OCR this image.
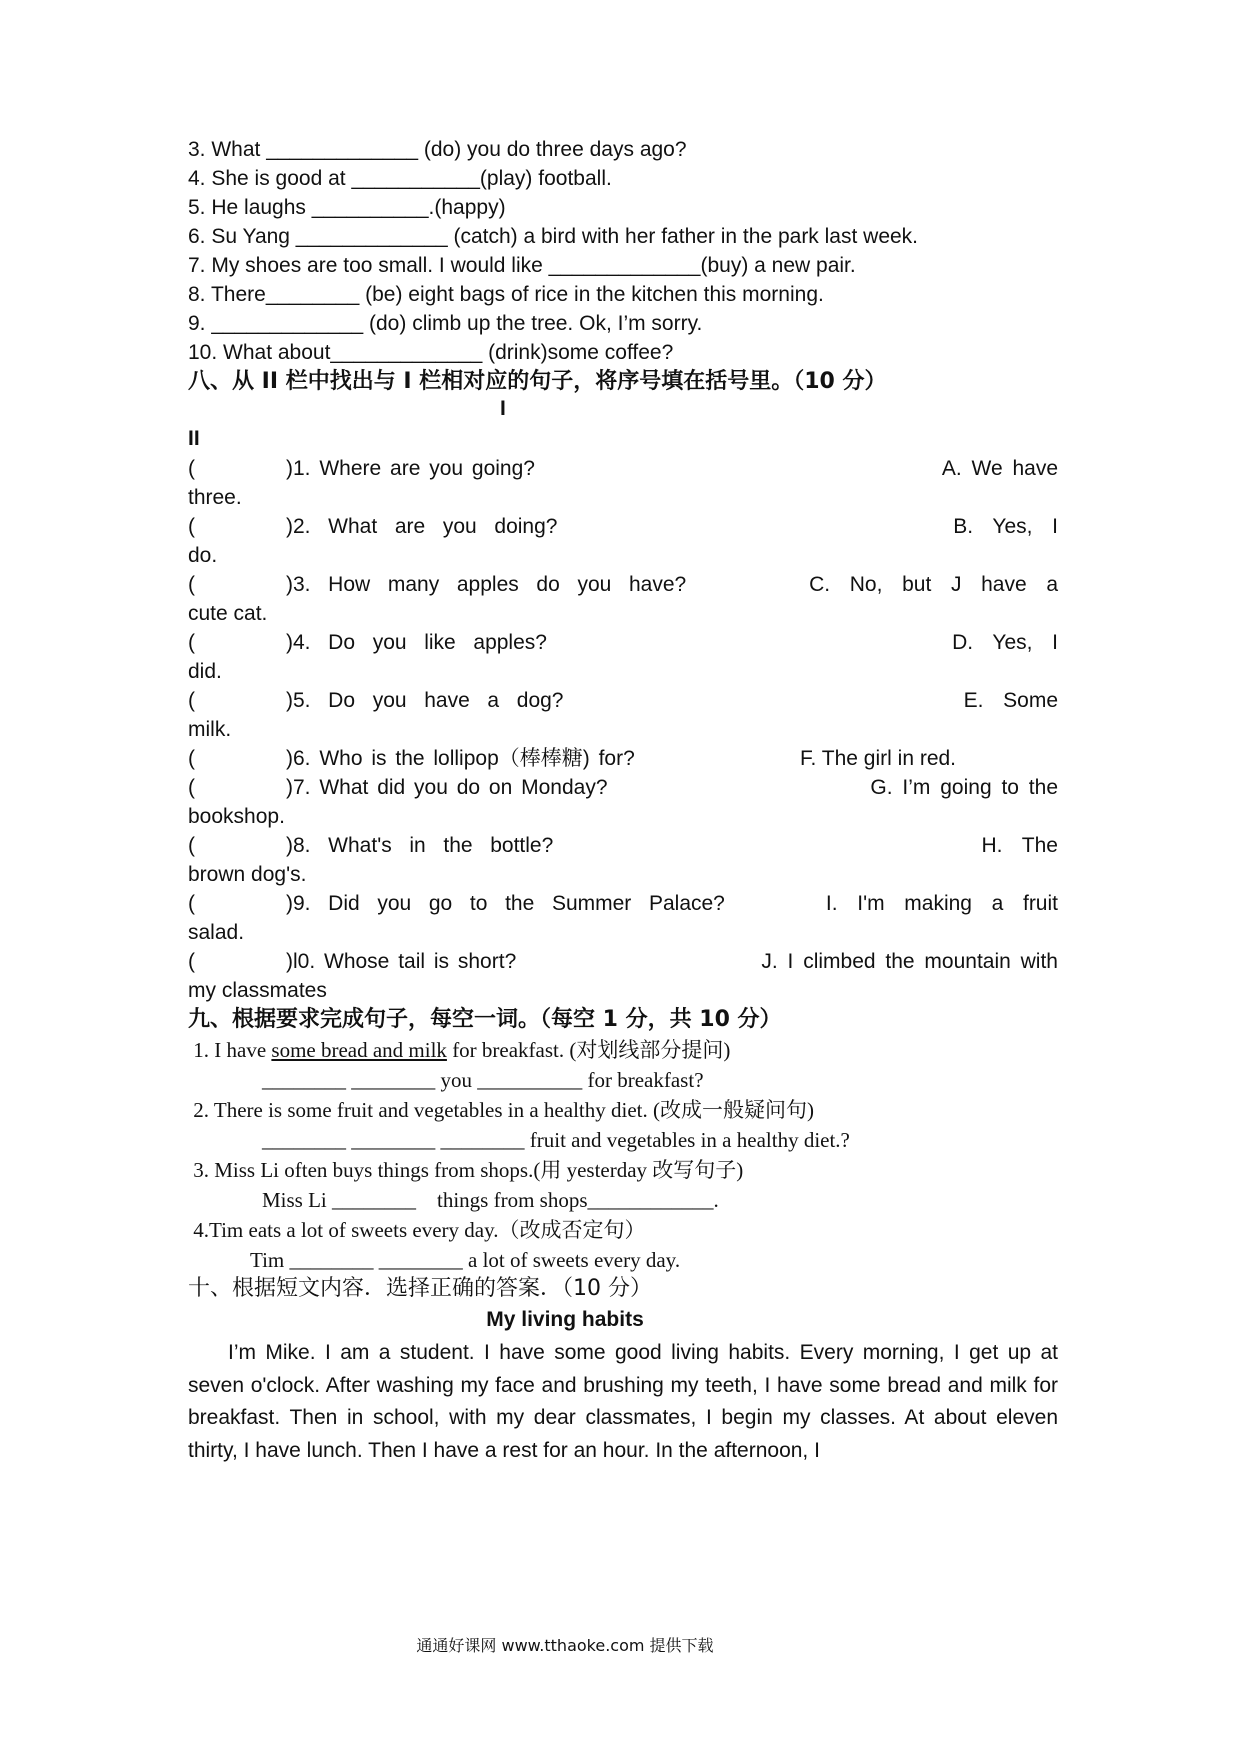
3. What _____________ (do) you do three days ago?
4. She is good at ___________(play) football.
5. He laughs __________.(happy)
6. Su Yang _____________ (catch) a bird with her father in the park last week.
7. My shoes are too small. I would like _____________(buy) a new pair.
8. There________ (be) eight bags of rice in the kitchen this morning.
9. _____________ (do) climb up the tree. Ok, I’m sorry.
10. What about_____________ (drink)some coffee?
八、从 II 栏中找出与 I 栏相对应的句子，将序号填在括号里。（10 分）
I
II
(	)1. Where are you going?	A. We have
three.
(	)2.  What  are  you  doing?	B.  Yes,  I
do.
(	)3.  How  many  apples  do  you  have?	C.  No,  but  J  have  a
cute cat.
(	)4.  Do  you  like  apples?	D.  Yes,  I
did.
(	)5.  Do  you  have  a  dog?	E.  Some
milk.
(	)6. Who is the lollipop（棒棒糖) for?	F. The girl in red.
(	)7. What did you do on Monday?	G. I’m going to the
bookshop.
(	)8.  What's  in  the  bottle?	H.  The
brown dog's.
(	)9.  Did  you  go  to  the  Summer  Palace?	I.  I'm  making  a  fruit
salad.
(	)l0. Whose tail is short?	J. I climbed the mountain with
my classmates
九、根据要求完成句子，每空一词。（每空 1 分，共 10 分）
1. I have some bread and milk for breakfast. (对划线部分提问)
________ ________ you __________ for breakfast?
2. There is some fruit and vegetables in a healthy diet. (改成一般疑问句)
________ ________ ________ fruit and vegetables in a healthy diet.?
3. Miss Li often buys things from shops.(用 yesterday 改写句子)
Miss Li ________    things from shops____________.
4.Tim eats a lot of sweets every day.（改成否定句）
Tim ________ ________ a lot of sweets every day.
十、根据短文内容．选择正确的答案．（10 分）
My living habits
I’m Mike. I am a student. I have some good living habits. Every morning, I get up at seven o'clock. After washing my face and brushing my teeth, I have some bread and milk for breakfast. Then in school, with my dear classmates, I begin my classes. At about eleven thirty, I have lunch. Then I have a rest for an hour. In the afternoon, I
通通好课网 www.tthaoke.com 提供下载
